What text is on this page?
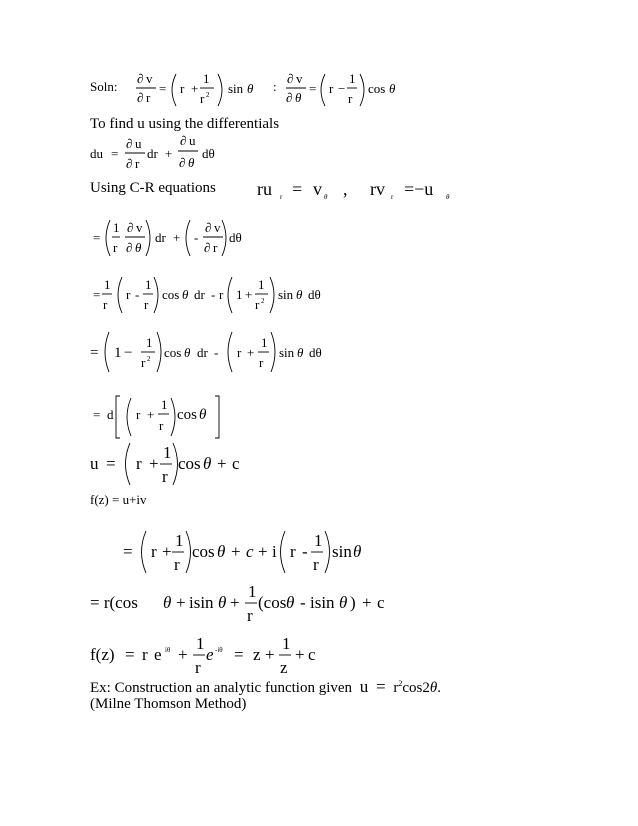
Soln:
∂ v
∂ r
= r +
1
r 2 sin θ :
∂ v
∂ θ
= r −
1
r
cos θ
To find u using the differentials
du =
∂ u
∂ r
dr +
∂ u
∂ θ
dθ
Using C-R equations ru r = v θ , rv r =−u θ
=
1
r
∂ v
∂ θ
dr + -
∂ v
∂ r
dθ
=
1
r
r -
1
r
cos θ dr - r 1 +
1
r 2 sin θ dθ
= 1 −
1
r 2 cos θ dr - r +
1
r
sin θ dθ
= d r +
1
r
cos θ
u = r +
1
r
cos θ + c
f(z) = u+iv
= r +
1
r
cos θ + c + i r -
1
r
sin θ
= r(cos θ + isin θ +
1
r
(cos θ - isin θ ) + c
f(z) = r e iθ +
1
r
e -iθ = z +
1
z
+ c
Ex: Construction an analytic function given $u = r^2\cos 2\theta$.
(Milne Thomson Method)
